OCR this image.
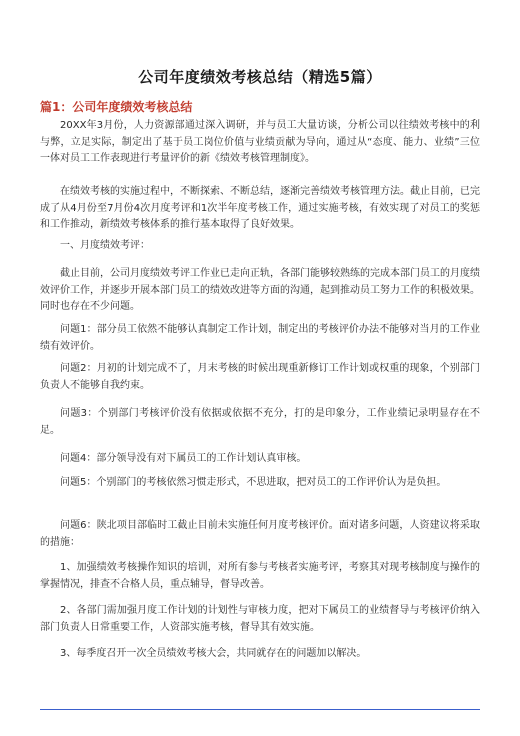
公司年度绩效考核总结（精选5篇）
篇1：公司年度绩效考核总结

20XX年3月份，人力资源部通过深入调研，并与员工大量访谈，分析公司以往绩效考核中的利与弊，立足实际，制定出了基于员工岗位价值与业绩贡献为导向，通过从“态度、能力、业绩”三位一体对员工工作表现进行考量评价的新《绩效考核管理制度》。

在绩效考核的实施过程中，不断探索、不断总结，逐渐完善绩效考核管理方法。截止目前，已完成了从4月份至7月份4次月度考评和1次半年度考核工作，通过实施考核，有效实现了对员工的奖惩和工作推动，新绩效考核体系的推行基本取得了良好效果。

一、月度绩效考评：

截止目前，公司月度绩效考评工作业已走向正轨，各部门能够较熟练的完成本部门员工的月度绩效评价工作，并逐步开展本部门员工的绩效改进等方面的沟通，起到推动员工努力工作的积极效果。同时也存在不少问题。

问题1：部分员工依然不能够认真制定工作计划，制定出的考核评价办法不能够对当月的工作业绩有效评价。

问题2：月初的计划完成不了，月末考核的时候出现重新修订工作计划或权重的现象，个别部门负责人不能够自我约束。

问题3：个别部门考核评价没有依据或依据不充分，打的是印象分，工作业绩记录明显存在不足。

问题4：部分领导没有对下属员工的工作计划认真审核。

问题5：个别部门的考核依然习惯走形式，不思进取，把对员工的工作评价认为是负担。

问题6：陕北项目部临时工截止目前未实施任何月度考核评价。面对诸多问题，人资建议将采取的措施：

1、加强绩效考核操作知识的培训，对所有参与考核者实施考评，考察其对现考核制度与操作的掌握情况，排查不合格人员，重点辅导，督导改善。

2、各部门需加强月度工作计划的计划性与审核力度，把对下属员工的业绩督导与考核评价纳入部门负责人日常重要工作，人资部实施考核，督导其有效实施。

3、每季度召开一次全员绩效考核大会，共同就存在的问题加以解决。
